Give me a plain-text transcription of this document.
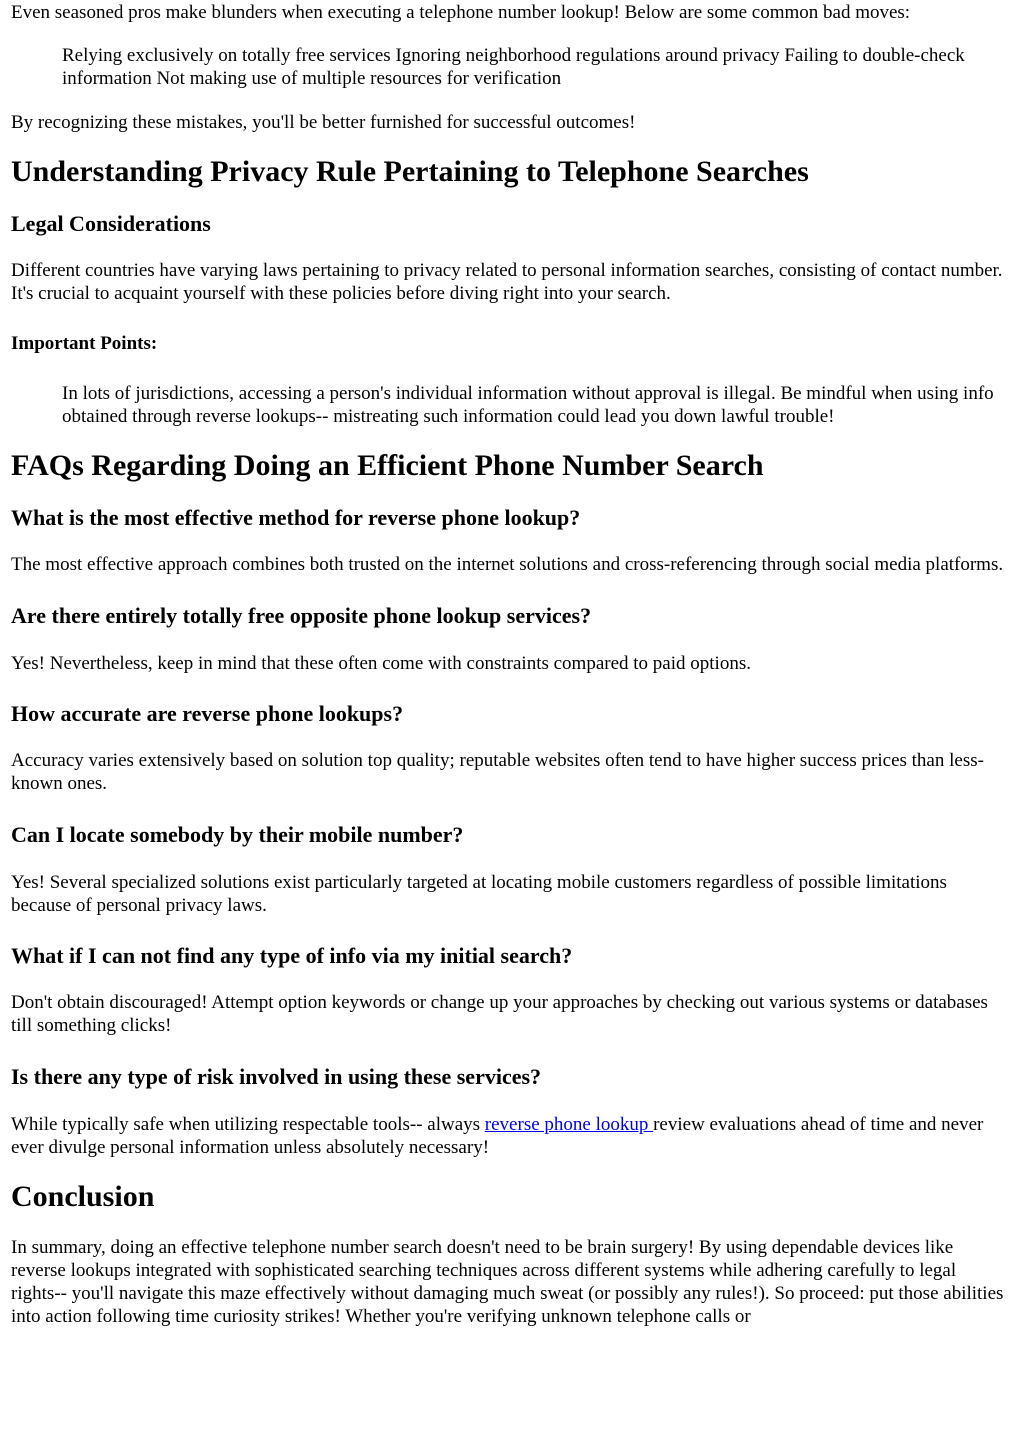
Even seasoned pros make blunders when executing a telephone number lookup! Below are some common bad moves:

Relying exclusively on totally free services Ignoring neighborhood regulations around privacy Failing to double-check information Not making use of multiple resources for verification

By recognizing these mistakes, you'll be better furnished for successful outcomes!

Understanding Privacy Rule Pertaining to Telephone Searches
Legal Considerations

Different countries have varying laws pertaining to privacy related to personal information searches, consisting of contact number. It's crucial to acquaint yourself with these policies before diving right into your search.

Important Points:

In lots of jurisdictions, accessing a person's individual information without approval is illegal. Be mindful when using info obtained through reverse lookups-- mistreating such information could lead you down lawful trouble!

FAQs Regarding Doing an Efficient Phone Number Search
What is the most effective method for reverse phone lookup?

The most effective approach combines both trusted on the internet solutions and cross-referencing through social media platforms.

Are there entirely totally free opposite phone lookup services?

Yes! Nevertheless, keep in mind that these often come with constraints compared to paid options.

How accurate are reverse phone lookups?

Accuracy varies extensively based on solution top quality; reputable websites often tend to have higher success prices than less-known ones.

Can I locate somebody by their mobile number?

Yes! Several specialized solutions exist particularly targeted at locating mobile customers regardless of possible limitations because of personal privacy laws.

What if I can not find any type of info via my initial search?

Don't obtain discouraged! Attempt option keywords or change up your approaches by checking out various systems or databases till something clicks!

Is there any type of risk involved in using these services?

While typically safe when utilizing respectable tools-- always reverse phone lookup review evaluations ahead of time and never ever divulge personal information unless absolutely necessary!

Conclusion

In summary, doing an effective telephone number search doesn't need to be brain surgery! By using dependable devices like reverse lookups integrated with sophisticated searching techniques across different systems while adhering carefully to legal rights-- you'll navigate this maze effectively without damaging much sweat (or possibly any rules!). So proceed: put those abilities into action following time curiosity strikes! Whether you're verifying unknown telephone calls or
